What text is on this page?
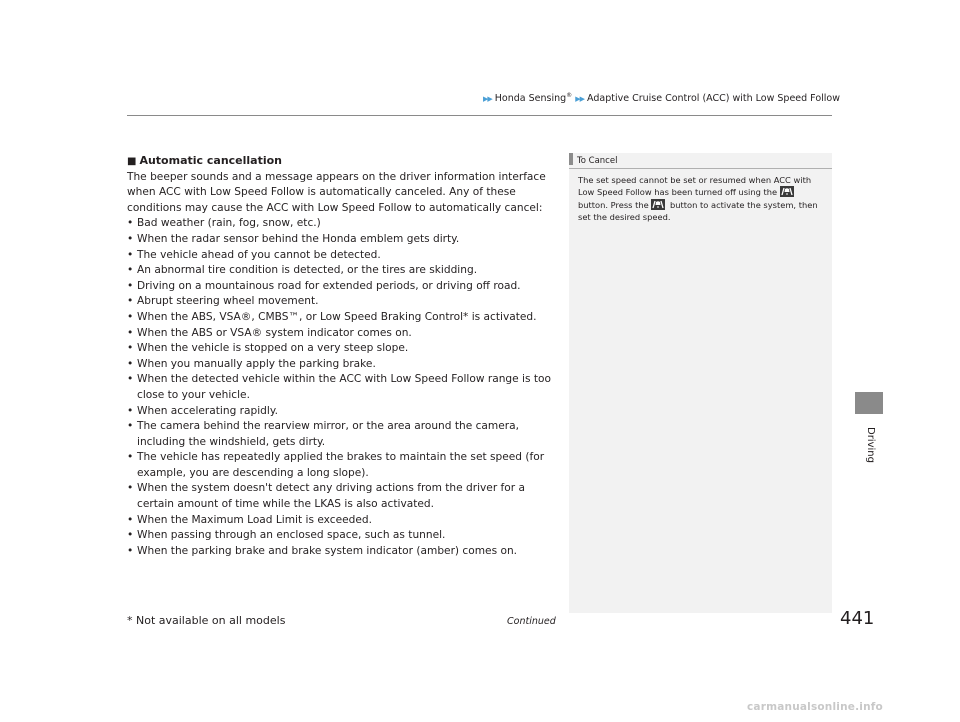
▶▶ Honda Sensing® ▶▶ Adaptive Cruise Control (ACC) with Low Speed Follow
■ Automatic cancellation

The beeper sounds and a message appears on the driver information interface when ACC with Low Speed Follow is automatically canceled. Any of these conditions may cause the ACC with Low Speed Follow to automatically cancel:

• Bad weather (rain, fog, snow, etc.)
• When the radar sensor behind the Honda emblem gets dirty.
• The vehicle ahead of you cannot be detected.
• An abnormal tire condition is detected, or the tires are skidding.
• Driving on a mountainous road for extended periods, or driving off road.
• Abrupt steering wheel movement.
• When the ABS, VSA®, CMBS™, or Low Speed Braking Control* is activated.
• When the ABS or VSA® system indicator comes on.
• When the vehicle is stopped on a very steep slope.
• When you manually apply the parking brake.
• When the detected vehicle within the ACC with Low Speed Follow range is too close to your vehicle.
• When accelerating rapidly.
• The camera behind the rearview mirror, or the area around the camera, including the windshield, gets dirty.
• The vehicle has repeatedly applied the brakes to maintain the set speed (for example, you are descending a long slope).
• When the system doesn't detect any driving actions from the driver for a certain amount of time while the LKAS is also activated.
• When the Maximum Load Limit is exceeded.
• When passing through an enclosed space, such as tunnel.
• When the parking brake and brake system indicator (amber) comes on.
To Cancel
The set speed cannot be set or resumed when ACC with Low Speed Follow has been turned off using the
button. Press the	button to activate the system, then set the desired speed.
Driving
* Not available on all models	Continued	441
carmanualsonline.info
